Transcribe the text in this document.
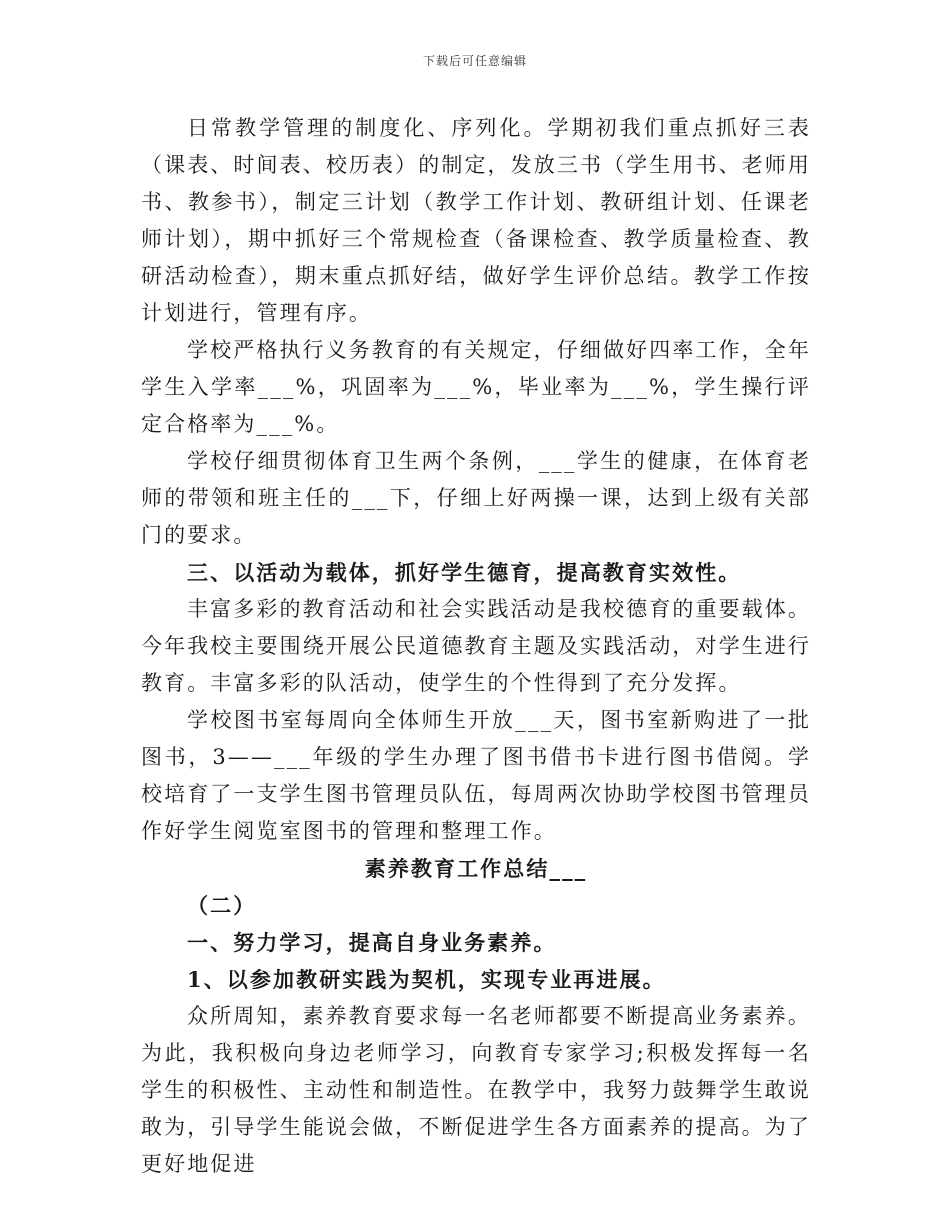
下载后可任意编辑

日常教学管理的制度化、序列化。学期初我们重点抓好三表（课表、时间表、校历表）的制定，发放三书（学生用书、老师用书、教参书），制定三计划（教学工作计划、教研组计划、任课老师计划），期中抓好三个常规检查（备课检查、教学质量检查、教研活动检查），期末重点抓好结，做好学生评价总结。教学工作按计划进行，管理有序。

学校严格执行义务教育的有关规定，仔细做好四率工作，全年学生入学率___%，巩固率为___%，毕业率为___%，学生操行评定合格率为___%。

学校仔细贯彻体育卫生两个条例，___学生的健康，在体育老师的带领和班主任的___下，仔细上好两操一课，达到上级有关部门的要求。

三、以活动为载体，抓好学生德育，提高教育实效性。

丰富多彩的教育活动和社会实践活动是我校德育的重要载体。今年我校主要围绕开展公民道德教育主题及实践活动，对学生进行教育。丰富多彩的队活动，使学生的个性得到了充分发挥。

学校图书室每周向全体师生开放___天，图书室新购进了一批图书，3——___年级的学生办理了图书借书卡进行图书借阅。学校培育了一支学生图书管理员队伍，每周两次协助学校图书管理员作好学生阅览室图书的管理和整理工作。

素养教育工作总结___

（二）

一、努力学习，提高自身业务素养。

1、以参加教研实践为契机，实现专业再进展。

众所周知，素养教育要求每一名老师都要不断提高业务素养。为此，我积极向身边老师学习，向教育专家学习;积极发挥每一名学生的积极性、主动性和制造性。在教学中，我努力鼓舞学生敢说敢为，引导学生能说会做，不断促进学生各方面素养的提高。为了更好地促进
